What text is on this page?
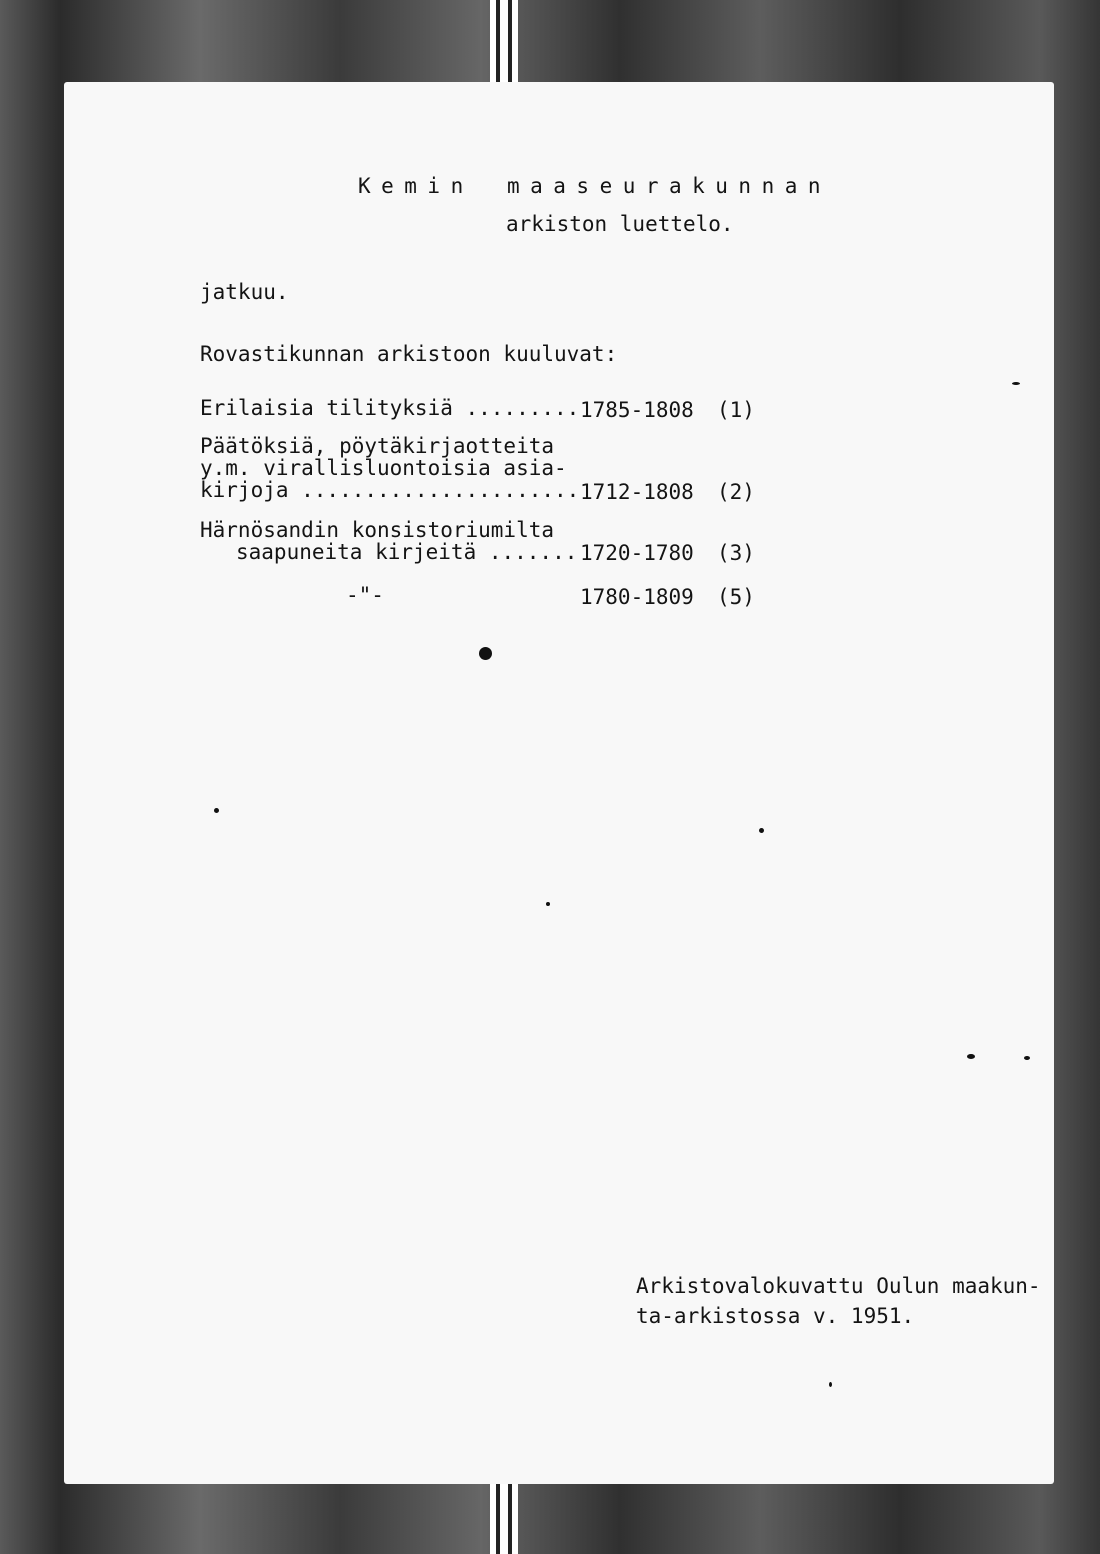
Kemin maaseurakunnan
arkiston luettelo.
jatkuu.
Rovastikunnan arkistoon kuuluvat:
Erilaisia tilityksiä ......... 1785-1808 (1)
Päätöksiä, pöytäkirjaotteita
y.m. virallisluontoisia asia-
kirjoja ...................... 1712-1808 (2)
Härnösandin konsistoriumilta
saapuneita kirjeitä ....... 1720-1780 (3)
-"-	1780-1809 (5)
Arkistovalokuvattu Oulun maakun-
ta-arkistossa v. 1951.
